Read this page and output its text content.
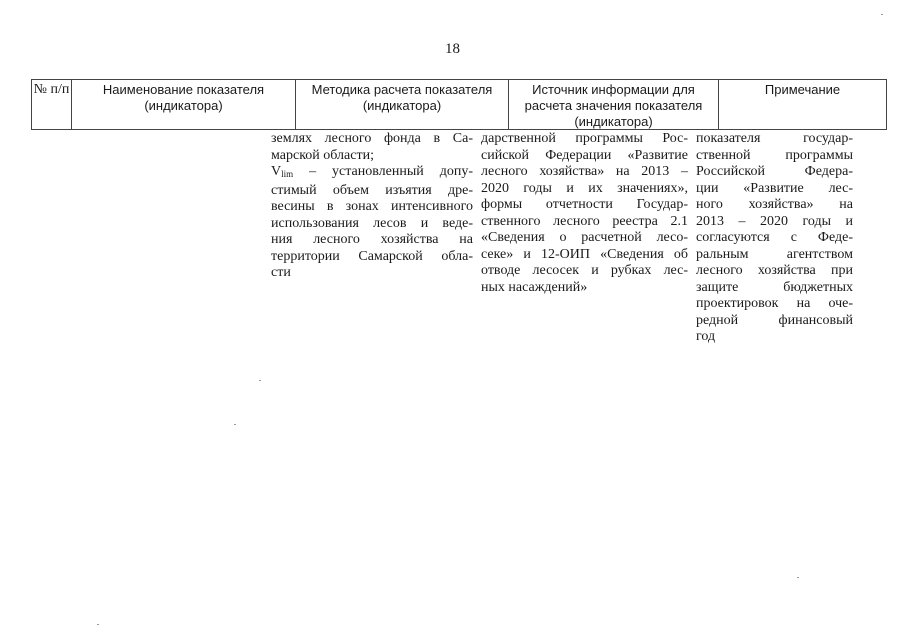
18
№ п/п	Наименование показателя (индикатора)
Методика расчета показателя (индикатора)
Источник информации для расчета значения показателя (индикатора)
Примечание
землях лесного фонда в Са-
марской области;
$V_{lim}$ – установленный допу-
стимый объем изъятия дре-
весины в зонах интенсивного
использования лесов и веде-
ния лесного хозяйства на
территории Самарской обла-
сти
дарственной программы Рос-
сийской Федерации «Развитие
лесного хозяйства» на 2013 –
2020 годы и их значениях»,
формы отчетности Государ-
ственного лесного реестра 2.1
«Сведения о расчетной лесо-
секе» и 12-ОИП «Сведения об
отводе лесосек и рубках лес-
ных насаждений»
показателя государ-
ственной программы
Российской Федера-
ции «Развитие лес-
ного хозяйства» на
2013 – 2020 годы и
согласуются с Феде-
ральным агентством
лесного хозяйства при
защите бюджетных
проектировок на оче-
редной финансовый
год
